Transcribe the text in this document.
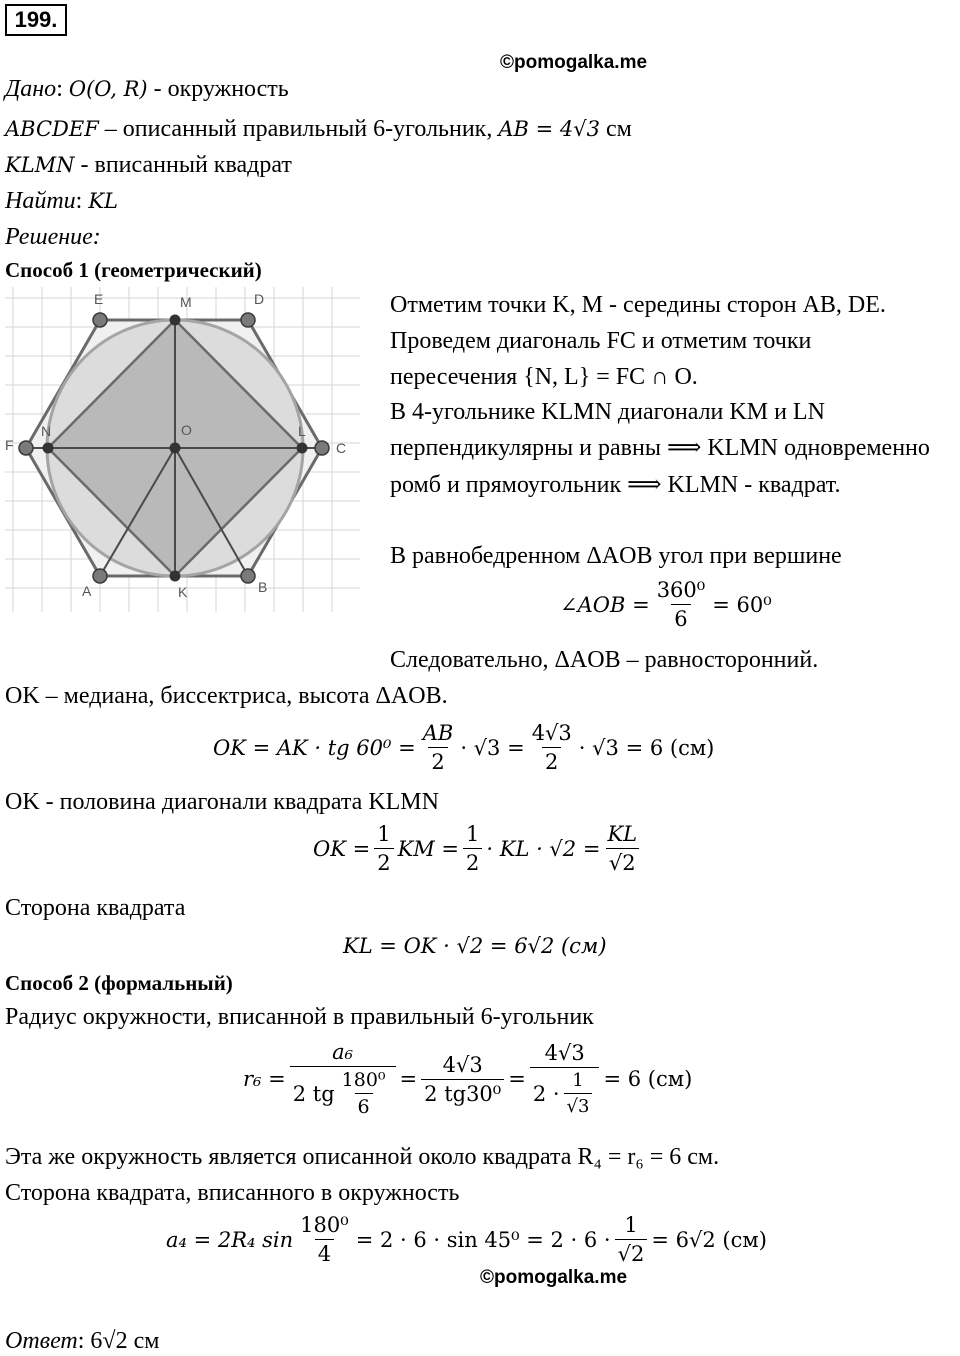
199.
©pomogalka.me
Дано: O(O, R) - окружность
ABCDEF – описанный правильный 6-угольник, AB = 4√3 см
KLMN - вписанный квадрат
Найти: KL
Решение:
Способ 1 (геометрический)
E	M	D
F
N	O	L
C
A	K	B
Отметим точки K, M - середины сторон AB, DE.
Проведем диагональ FC и отметим точки
пересечения {N, L} = FC ∩ O.
В 4-угольнике KLMN диагонали KM и LN
перпендикулярны и равны ⟹ KLMN одновременно
ромб и прямоугольник ⟹ KLMN - квадрат.
В равнобедренном ΔAOB угол при вершине
∠AOB = $\frac{\text{360⁰}}{6} = 60^0$
Следовательно, ΔAOB – равносторонний.
OK – медиана, биссектриса, высота ΔAOB.
OK = AK · tg $60^0 = \frac{AB}{2} \cdot √3 = \frac{4√3}{2} \cdot √3 = 6$ (см)
OK - половина диагонали квадрата KLMN
OK = $\frac{1}{2}$ KM = $\frac{1}{2}$ · KL · $√2 = \frac{KL}{√2}$
Сторона квадрата
KL = OK · √2 = 6√2 (см)
Способ 2 (формальный)
Радиус окружности, вписанной в правильный 6-угольник
$r_6 = \frac{\text{a₆}}{2 tg \frac{\text{180⁰}}{6}} = \frac{4√3}{\text{2 tg30⁰}} = \frac{4√3}{2 \cdot \frac{1}{√3}} = 6$ (см)
Эта же окружность является описанной около квадрата R₄ = r₆ = 6 см.
Сторона квадрата, вписанного в окружность
a₄ = 2R₄ $\sin \frac{\text{180⁰}}{4} = 2 \cdot 6 \cdot \sin 45^0 = 2 \cdot 6 \cdot \frac{1}{√2} = 6√2$ (см)
©pomogalka.me
Ответ: 6√2 см
